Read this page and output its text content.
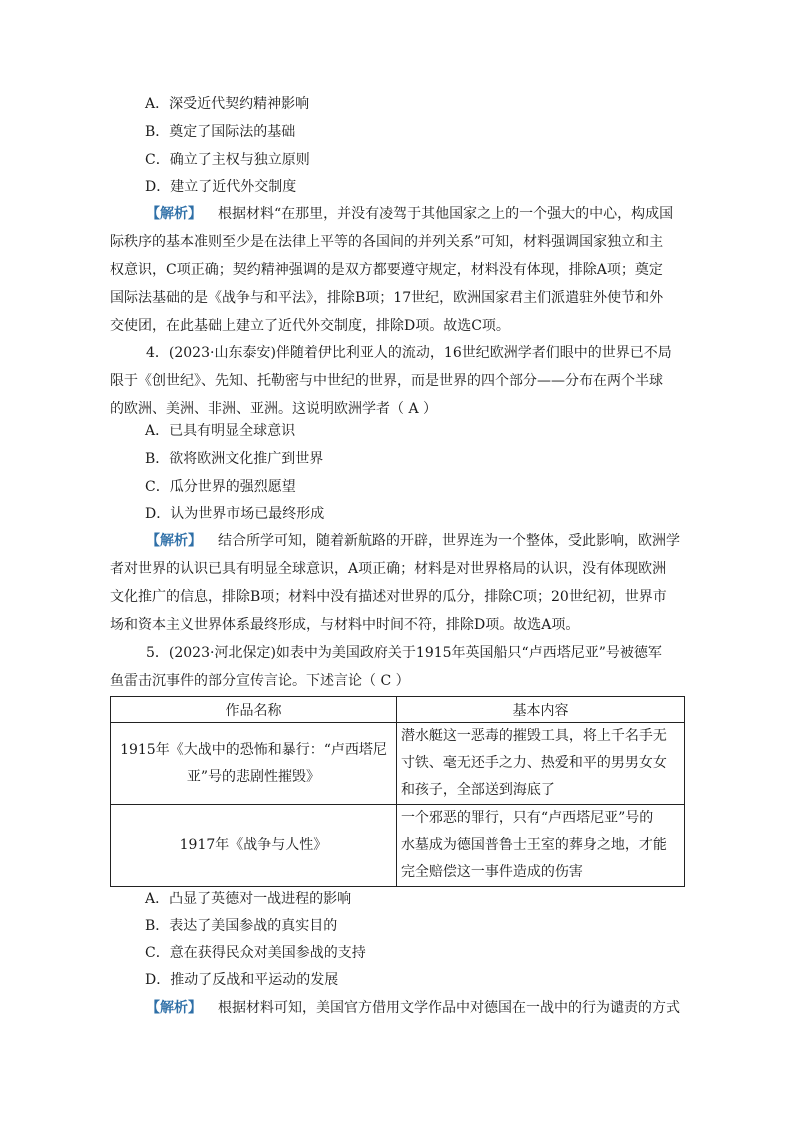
A．深受近代契约精神影响
B．奠定了国际法的基础
C．确立了主权与独立原则
D．建立了近代外交制度
【解析】 根据材料“在那里，并没有凌驾于其他国家之上的一个强大的中心，构成国
际秩序的基本准则至少是在法律上平等的各国间的并列关系”可知，材料强调国家独立和主
权意识，C项正确；契约精神强调的是双方都要遵守规定，材料没有体现，排除A项；奠定
国际法基础的是《战争与和平法》，排除B项；17世纪，欧洲国家君主们派遣驻外使节和外
交使团，在此基础上建立了近代外交制度，排除D项。故选C项。
4．(2023·山东泰安)伴随着伊比利亚人的流动，16世纪欧洲学者们眼中的世界已不局
限于《创世纪》、先知、托勒密与中世纪的世界，而是世界的四个部分——分布在两个半球
的欧洲、美洲、非洲、亚洲。这说明欧洲学者（ A ）
A．已具有明显全球意识
B．欲将欧洲文化推广到世界
C．瓜分世界的强烈愿望
D．认为世界市场已最终形成
【解析】 结合所学可知，随着新航路的开辟，世界连为一个整体，受此影响，欧洲学
者对世界的认识已具有明显全球意识，A项正确；材料是对世界格局的认识，没有体现欧洲
文化推广的信息，排除B项；材料中没有描述对世界的瓜分，排除C项；20世纪初，世界市
场和资本主义世界体系最终形成，与材料中时间不符，排除D项。故选A项。
5．(2023·河北保定)如表中为美国政府关于1915年英国船只“卢西塔尼亚”号被德军
鱼雷击沉事件的部分宣传言论。下述言论（ C ）
作品名称	基本内容

1915年《大战中的恐怖和暴行：“卢西塔尼
亚”号的悲剧性摧毁》	潜水艇这一恶毒的摧毁工具，将上千名手无
寸铁、毫无还手之力、热爱和平的男男女女
和孩子，全部送到海底了

1917年《战争与人性》	一个邪恶的罪行，只有“卢西塔尼亚”号的
水墓成为德国普鲁士王室的葬身之地，才能
完全赔偿这一事件造成的伤害
A．凸显了英德对一战进程的影响
B．表达了美国参战的真实目的
C．意在获得民众对美国参战的支持
D．推动了反战和平运动的发展
【解析】 根据材料可知，美国官方借用文学作品中对德国在一战中的行为谴责的方式
